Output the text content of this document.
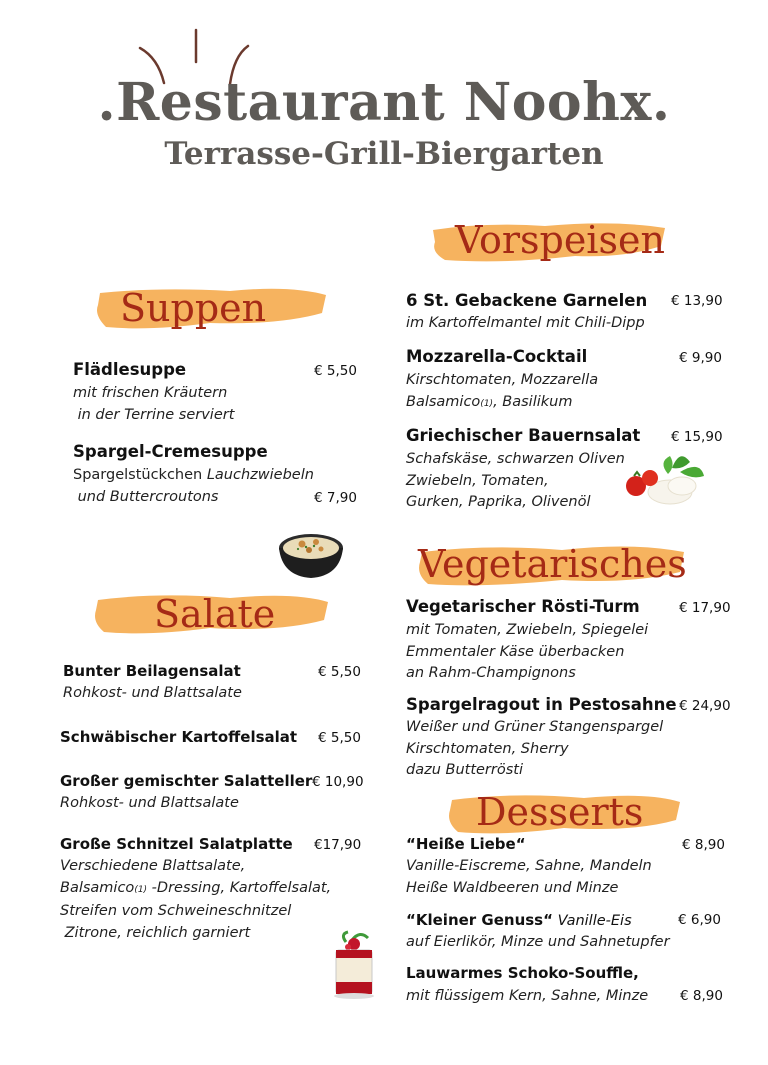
.Restaurant Noohx.
Terrasse-Grill-Biergarten
Vorspeisen
Suppen
Vegetarisches
Salate
Desserts
Flädlesuppe	€ 5,50
mit frischen Kräutern
in der Terrine serviert
Spargel-Cremesuppe
Spargelstückchen Lauchzwiebeln
und Buttercroutons	€ 7,90
Bunter Beilagensalat	€ 5,50
Rohkost- und Blattsalate
Schwäbischer Kartoffelsalat € 5,50
Großer gemischter Salatteller € 10,90
Rohkost- und Blattsalate
Große Schnitzel Salatplatte €17,90
Verschiedene Blattsalate,
Balsamico(1) -Dressing, Kartoffelsalat,
Streifen vom Schweineschnitzel
Zitrone, reichlich garniert
6 St. Gebackene Garnelen € 13,90
im Kartoffelmantel mit Chili-Dipp
Mozzarella-Cocktail	€ 9,90
Kirschtomaten, Mozzarella
Balsamico(1), Basilikum
Griechischer Bauernsalat € 15,90
Schafskäse, schwarzen Oliven
Zwiebeln, Tomaten,
Gurken, Paprika, Olivenöl
Vegetarischer Rösti-Turm	€ 17,90
mit Tomaten, Zwiebeln, Spiegelei
Emmentaler Käse überbacken
an Rahm-Champignons
Spargelragout in Pestosahne € 24,90
Weißer und Grüner Stangenspargel
Kirschtomaten, Sherry
dazu Butterrösti
“Heiße Liebe“	€ 8,90
Vanille-Eiscreme, Sahne, Mandeln
Heiße Waldbeeren und Minze
“Kleiner Genuss“ Vanille-Eis	€ 6,90
auf Eierlikör, Minze und Sahnetupfer
Lauwarmes Schoko-Souffle,
mit flüssigem Kern, Sahne, Minze € 8,90
